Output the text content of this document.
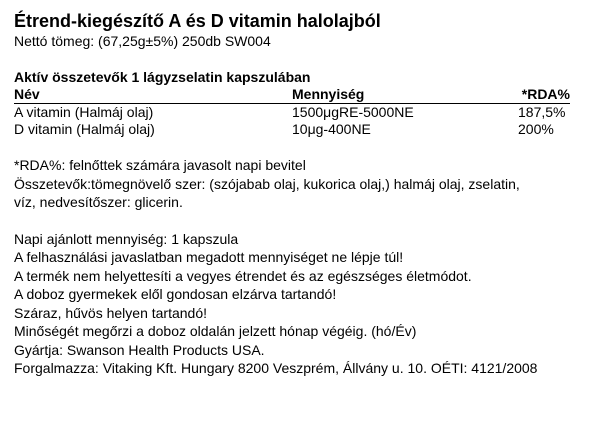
Étrend-kiegészítő A és D vitamin halolajból

Nettó tömeg: (67,25g±5%) 250db SW004

Aktív összetevők 1 lágyzselatin kapszulában

Név	Mennyiség	*RDA%
A vitamin (Halmáj olaj)	1500μgRE-5000NE	187,5%
D vitamin (Halmáj olaj)	10μg-400NE	200%

*RDA%: felnőttek számára javasolt napi bevitel

Összetevők:tömegnövelő szer: (szójabab olaj, kukorica olaj,) halmáj olaj, zselatin, víz, nedvesítőszer: glicerin.

Napi ajánlott mennyiség: 1 kapszula

A felhasználási javaslatban megadott mennyiséget ne lépje túl!

A termék nem helyettesíti a vegyes étrendet és az egészséges életmódot.

A doboz gyermekek elől gondosan elzárva tartandó!

Száraz, hűvös helyen tartandó!

Minőségét megőrzi a doboz oldalán jelzett hónap végéig. (hó/Év)

Gyártja: Swanson Health Products USA.

Forgalmazza: Vitaking Kft. Hungary 8200 Veszprém, Állvány u. 10. OÉTI: 4121/2008
